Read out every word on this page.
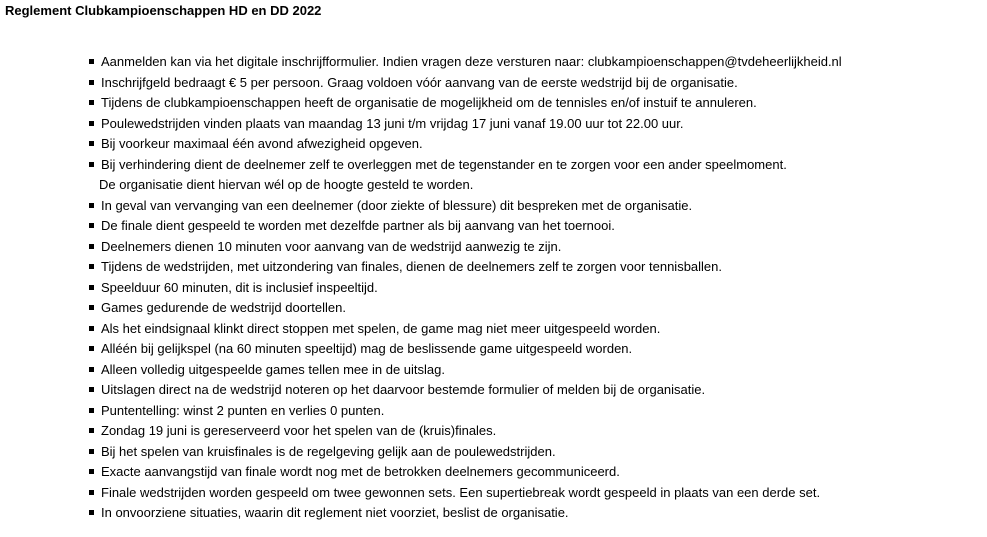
Reglement Clubkampioenschappen HD en DD 2022
Aanmelden kan via het digitale inschrijfformulier. Indien vragen deze versturen naar: clubkampioenschappen@tvdeheerlijkheid.nl
Inschrijfgeld bedraagt € 5 per persoon. Graag voldoen vóór aanvang van de eerste wedstrijd bij de organisatie.
Tijdens de clubkampioenschappen heeft de organisatie de mogelijkheid om de tennisles en/of instuif te annuleren.
Poulewedstrijden vinden plaats van maandag 13 juni t/m vrijdag 17 juni vanaf 19.00 uur tot 22.00 uur.
Bij voorkeur maximaal één avond afwezigheid opgeven.
Bij verhindering dient de deelnemer zelf te overleggen met de tegenstander en te zorgen voor een ander speelmoment.
De organisatie dient hiervan wél op de hoogte gesteld te worden.
In geval van vervanging van een deelnemer (door ziekte of blessure) dit bespreken met de organisatie.
De finale dient gespeeld te worden met dezelfde partner als bij aanvang van het toernooi.
Deelnemers dienen 10 minuten voor aanvang van de wedstrijd aanwezig te zijn.
Tijdens de wedstrijden, met uitzondering van finales, dienen de deelnemers zelf te zorgen voor tennisballen.
Speelduur 60 minuten, dit is inclusief inspeeltijd.
Games gedurende de wedstrijd doortellen.
Als het eindsignaal klinkt direct stoppen met spelen, de game mag niet meer uitgespeeld worden.
Alléén bij gelijkspel (na 60 minuten speeltijd) mag de beslissende game uitgespeeld worden.
Alleen volledig uitgespeelde games tellen mee in de uitslag.
Uitslagen direct na de wedstrijd noteren op het daarvoor bestemde formulier of melden bij de organisatie.
Puntentelling: winst 2 punten en verlies 0 punten.
Zondag 19 juni is gereserveerd voor het spelen van de (kruis)finales.
Bij het spelen van kruisfinales is de regelgeving gelijk aan de poulewedstrijden.
Exacte aanvangstijd van finale wordt nog met de betrokken deelnemers gecommuniceerd.
Finale wedstrijden worden gespeeld om twee gewonnen sets. Een supertiebreak wordt gespeeld in plaats van een derde set.
In onvoorziene situaties, waarin dit reglement niet voorziet, beslist de organisatie.
